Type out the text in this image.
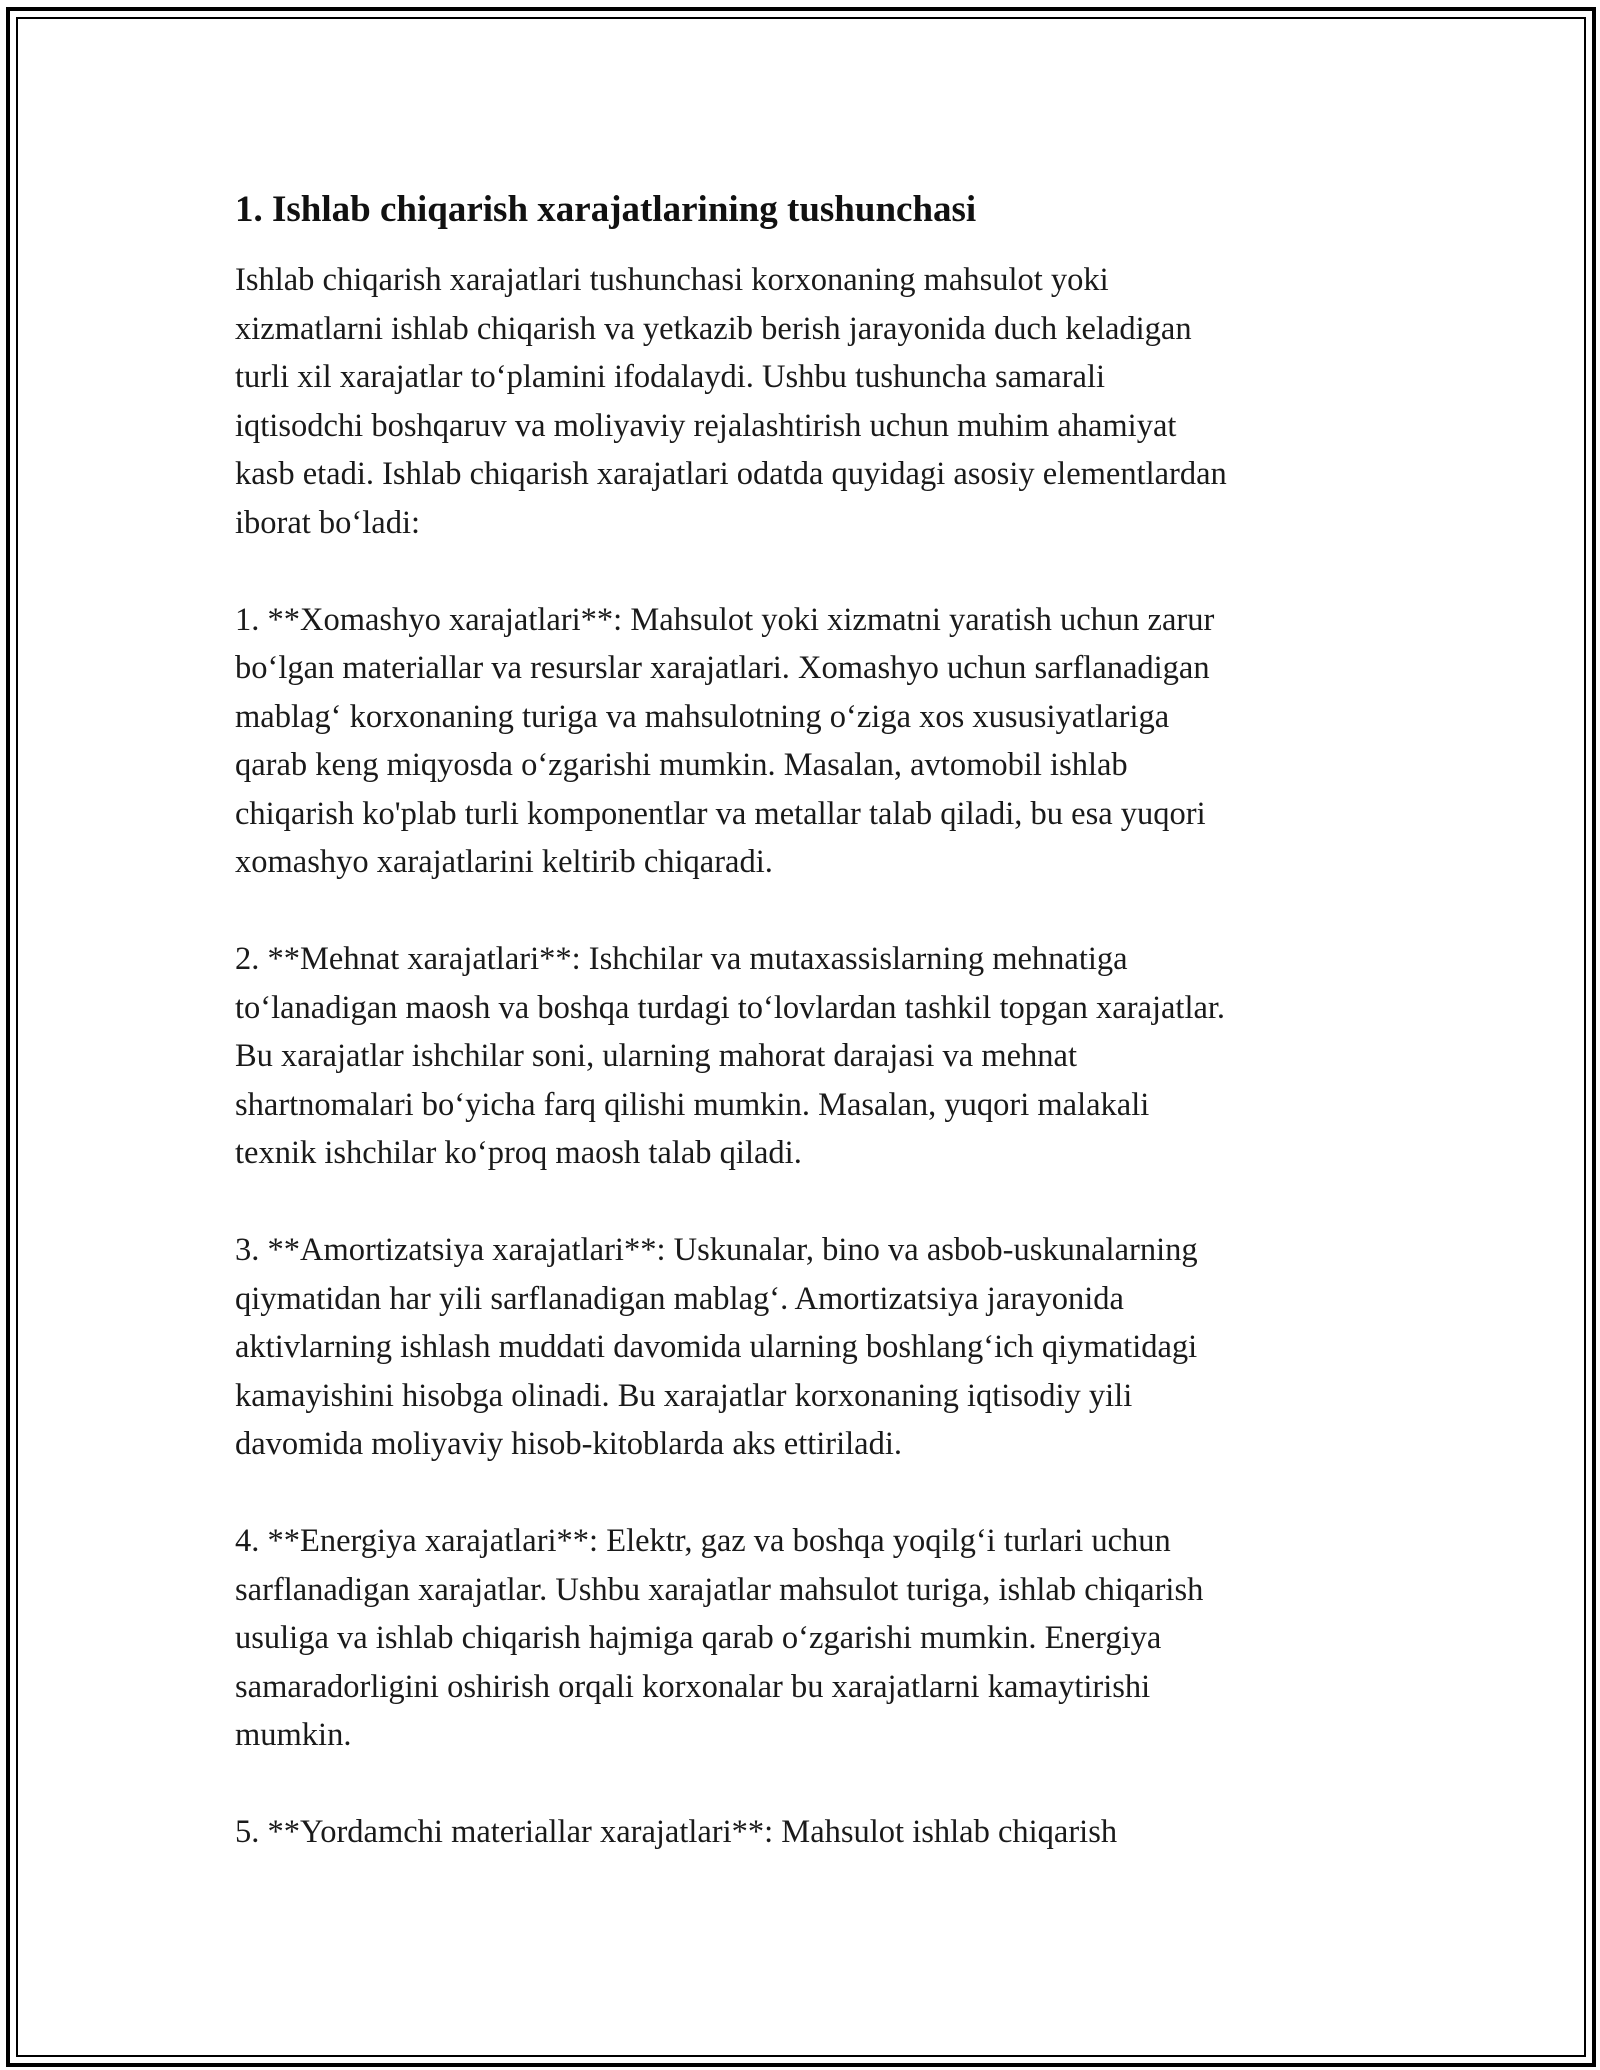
1. Ishlab chiqarish xarajatlarining tushunchasi
Ishlab chiqarish xarajatlari tushunchasi korxonaning mahsulot yoki
xizmatlarni ishlab chiqarish va yetkazib berish jarayonida duch keladigan
turli xil xarajatlar to‘plamini ifodalaydi. Ushbu tushuncha samarali
iqtisodchi boshqaruv va moliyaviy rejalashtirish uchun muhim ahamiyat
kasb etadi. Ishlab chiqarish xarajatlari odatda quyidagi asosiy elementlardan
iborat bo‘ladi:
1. **Xomashyo xarajatlari**: Mahsulot yoki xizmatni yaratish uchun zarur
bo‘lgan materiallar va resurslar xarajatlari. Xomashyo uchun sarflanadigan
mablag‘ korxonaning turiga va mahsulotning o‘ziga xos xususiyatlariga
qarab keng miqyosda o‘zgarishi mumkin. Masalan, avtomobil ishlab
chiqarish ko'plab turli komponentlar va metallar talab qiladi, bu esa yuqori
xomashyo xarajatlarini keltirib chiqaradi.
2. **Mehnat xarajatlari**: Ishchilar va mutaxassislarning mehnatiga
to‘lanadigan maosh va boshqa turdagi to‘lovlardan tashkil topgan xarajatlar.
Bu xarajatlar ishchilar soni, ularning mahorat darajasi va mehnat
shartnomalari bo‘yicha farq qilishi mumkin. Masalan, yuqori malakali
texnik ishchilar ko‘proq maosh talab qiladi.
3. **Amortizatsiya xarajatlari**: Uskunalar, bino va asbob-uskunalarning
qiymatidan har yili sarflanadigan mablag‘. Amortizatsiya jarayonida
aktivlarning ishlash muddati davomida ularning boshlang‘ich qiymatidagi
kamayishini hisobga olinadi. Bu xarajatlar korxonaning iqtisodiy yili
davomida moliyaviy hisob-kitoblarda aks ettiriladi.
4. **Energiya xarajatlari**: Elektr, gaz va boshqa yoqilg‘i turlari uchun
sarflanadigan xarajatlar. Ushbu xarajatlar mahsulot turiga, ishlab chiqarish
usuliga va ishlab chiqarish hajmiga qarab o‘zgarishi mumkin. Energiya
samaradorligini oshirish orqali korxonalar bu xarajatlarni kamaytirishi
mumkin.
5. **Yordamchi materiallar xarajatlari**: Mahsulot ishlab chiqarish
